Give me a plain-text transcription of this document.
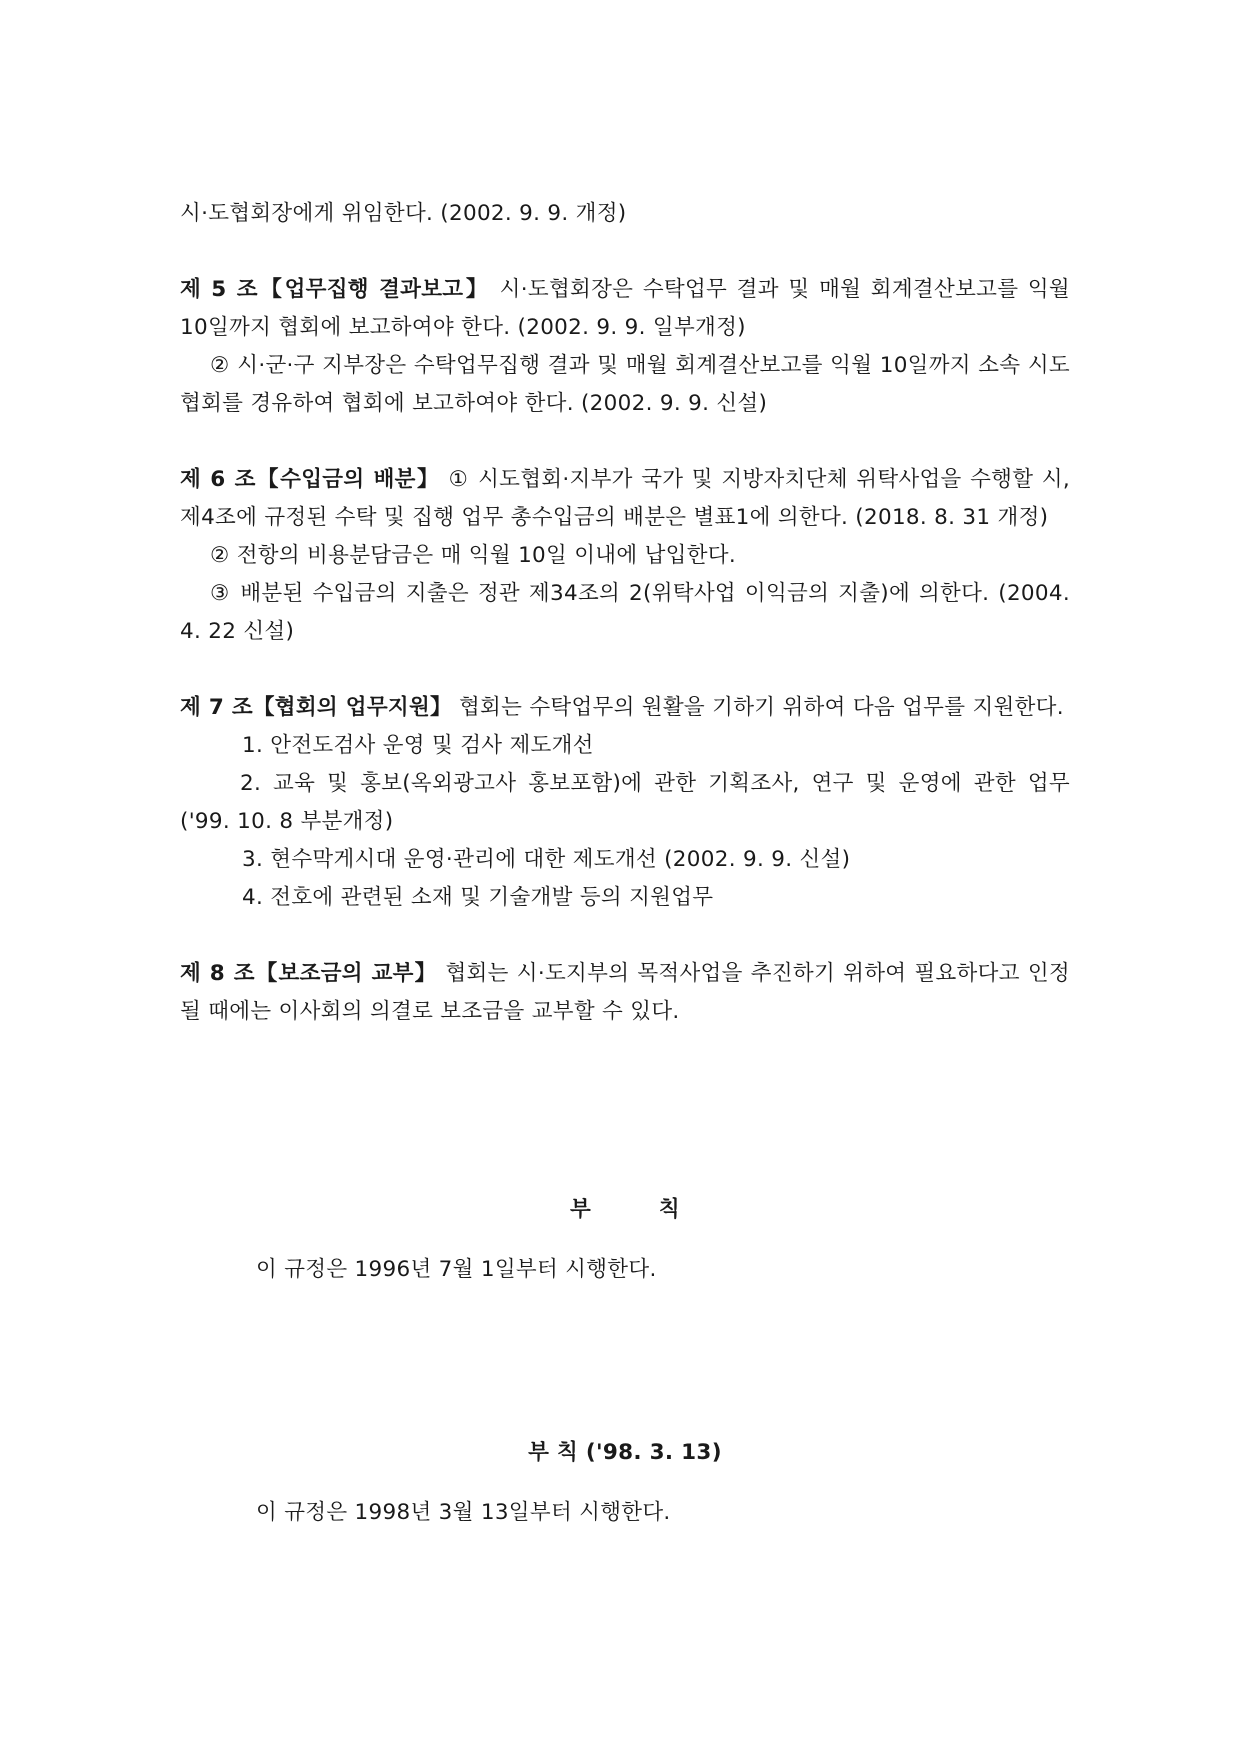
시·도협회장에게 위임한다. (2002. 9. 9. 개정)

제 5 조【업무집행 결과보고】 시·도협회장은 수탁업무 결과 및 매월 회계결산보고를 익월 10일까지 협회에 보고하여야 한다. (2002. 9. 9. 일부개정)

② 시·군·구 지부장은 수탁업무집행 결과 및 매월 회계결산보고를 익월 10일까지 소속 시도협회를 경유하여 협회에 보고하여야 한다. (2002. 9. 9. 신설)

제 6 조【수입금의 배분】 ① 시도협회·지부가 국가 및 지방자치단체 위탁사업을 수행할 시, 제4조에 규정된 수탁 및 집행 업무 총수입금의 배분은 별표1에 의한다. (2018. 8. 31 개정)

② 전항의 비용분담금은 매 익월 10일 이내에 납입한다.

③ 배분된 수입금의 지출은 정관 제34조의 2(위탁사업 이익금의 지출)에 의한다. (2004. 4. 22 신설)

제 7 조【협회의 업무지원】 협회는 수탁업무의 원활을 기하기 위하여 다음 업무를 지원한다.

1. 안전도검사 운영 및 검사 제도개선

2. 교육 및 홍보(옥외광고사 홍보포함)에 관한 기획조사, 연구 및 운영에 관한 업무 ('99. 10. 8 부분개정)

3. 현수막게시대 운영·관리에 대한 제도개선 (2002. 9. 9. 신설)

4. 전호에 관련된 소재 및 기술개발 등의 지원업무

제 8 조【보조금의 교부】 협회는 시·도지부의 목적사업을 추진하기 위하여 필요하다고 인정될 때에는 이사회의 의결로 보조금을 교부할 수 있다.

부 칙

이 규정은 1996년 7월 1일부터 시행한다.

부 칙 ('98. 3. 13)

이 규정은 1998년 3월 13일부터 시행한다.
